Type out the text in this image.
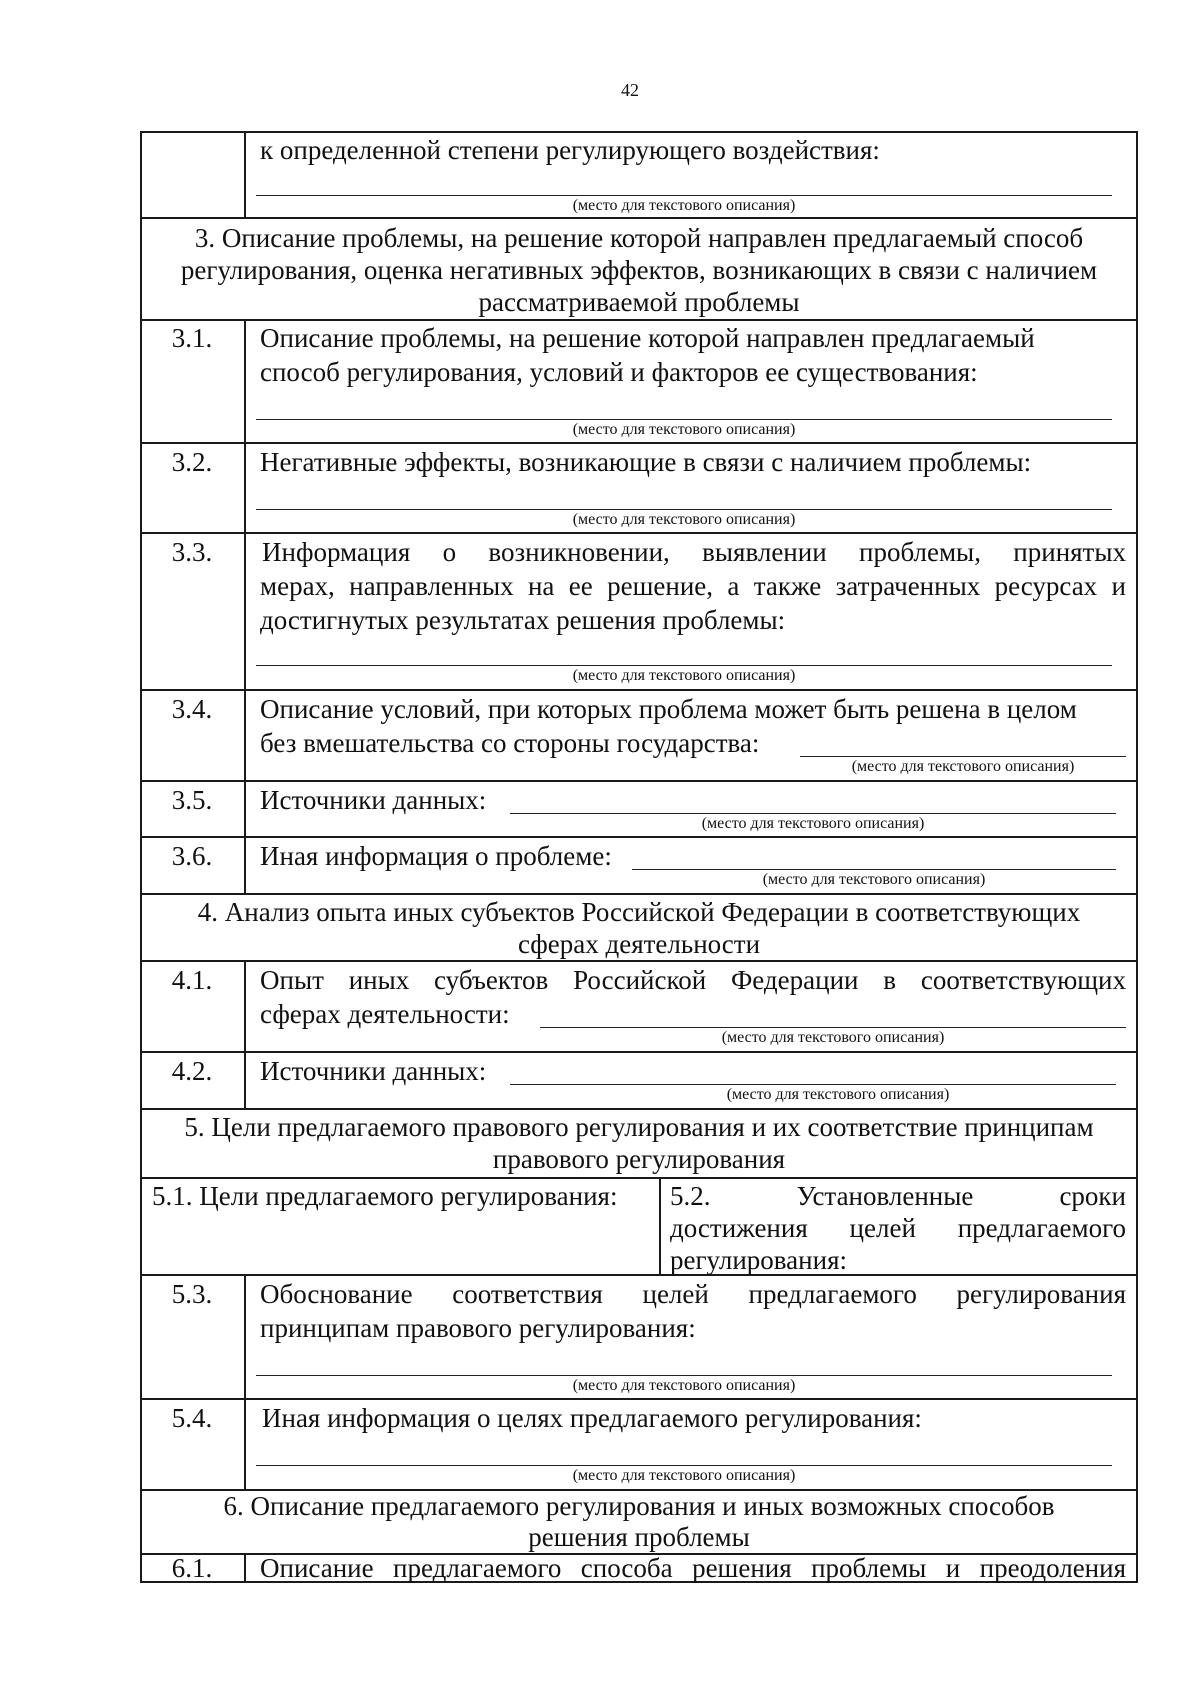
42
к определенной степени регулирующего воздействия:
(место для текстового описания)
3. Описание проблемы, на решение которой направлен предлагаемый способ
регулирования, оценка негативных эффектов, возникающих в связи с наличием
рассматриваемой проблемы
3.1.	Описание проблемы, на решение которой направлен предлагаемый
способ регулирования, условий и факторов ее существования:
(место для текстового описания)
3.2.	Негативные эффекты, возникающие в связи с наличием проблемы:
(место для текстового описания)
3.3.	Информация о возникновении, выявлении проблемы, принятых
мерах, направленных на ее решение, а также затраченных ресурсах и
достигнутых результатах решения проблемы:
(место для текстового описания)
3.4.	Описание условий, при которых проблема может быть решена в целом
без вмешательства со стороны государства:
(место для текстового описания)
3.5.	Источники данных:
(место для текстового описания)
3.6.	Иная информация о проблеме:
(место для текстового описания)
4. Анализ опыта иных субъектов Российской Федерации в соответствующих
сферах деятельности
4.1.	Опыт иных субъектов Российской Федерации в соответствующих
сферах деятельности:
(место для текстового описания)
4.2.	Источники данных:
(место для текстового описания)
5. Цели предлагаемого правового регулирования и их соответствие принципам
правового регулирования
5.1. Цели предлагаемого регулирования: 5.2. Установленные сроки
достижения целей предлагаемого
регулирования:
5.3.	Обоснование соответствия целей предлагаемого регулирования
принципам правового регулирования:
(место для текстового описания)
5.4.	Иная информация о целях предлагаемого регулирования:
(место для текстового описания)
6. Описание предлагаемого регулирования и иных возможных способов
решения проблемы
6.1.	Описание предлагаемого способа решения проблемы и преодоления
